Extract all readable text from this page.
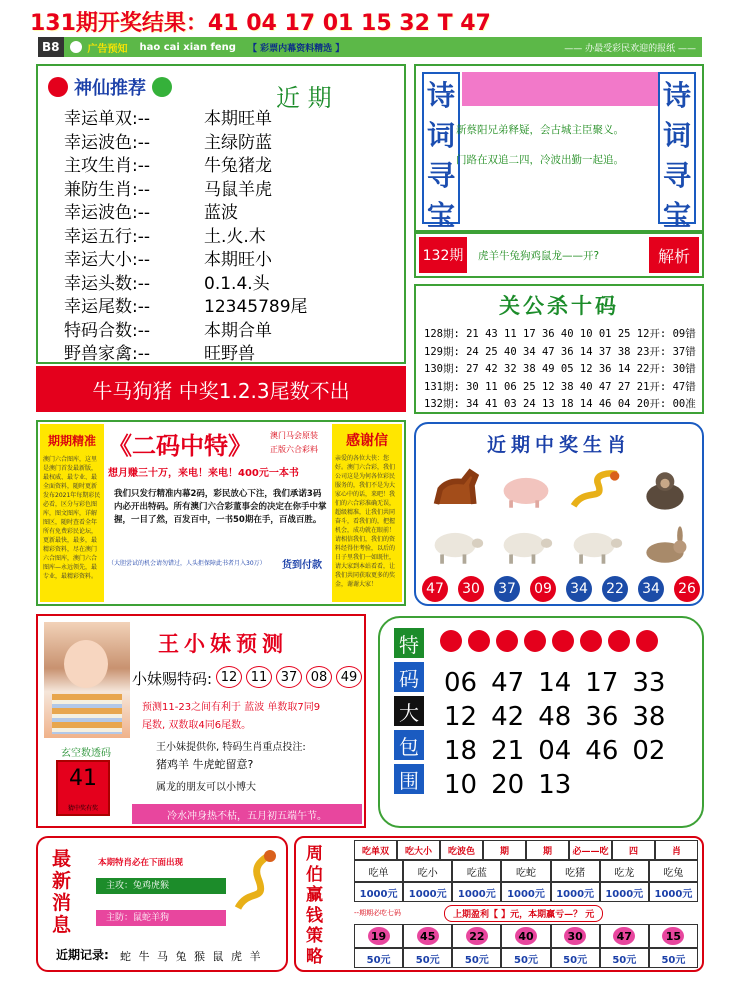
131期开奖结果：41 04 17 01 15 32 T 47
B8	广告预知 hao cai xian feng 【 彩票内幕资料精选 】	—— 办最受彩民欢迎的报纸 ——
神仙推荐	近 期
幸运单双:--	本期旺单
幸运波色:--	主绿防蓝
主攻生肖:--	牛兔猪龙
兼防生肖:--	马鼠羊虎
幸运波色:--	蓝波
幸运五行:--	土.火.木
幸运大小:--	本期旺小
幸运头数:--	0.1.4.头
幸运尾数:--	12345789尾
特码合数:--	本期合单
野兽家禽:--	旺野兽
牛马狗猪 中奖1.2.3尾数不出
诗
词
寻
宝
新蔡阳兄弟释疑，会古城主臣聚义。
门路在双追二四，冷波出勤一起追。
诗
词
寻
宝
132期	虎羊牛兔狗鸡鼠龙——开?	解析
关公杀十码
128期: 21 43 11 17 36 40 10 01 25 12开: 09错
129期: 24 25 40 34 47 36 14 37 38 23开: 37错
130期: 27 42 32 38 49 05 12 36 14 22开: 30错
131期: 30 11 06 25 12 38 40 47 27 21开: 47错
132期: 34 41 03 24 13 18 14 46 04 20开: 00准
期期精准
澳门六合图库，这里是澳门首发最新版，最权威、最专业、最全面资料，随时更新发布2021年每期彩民必看，区分与彩色图库，图文图库，详解图区，随时查看全年所有免费彩民论坛，更新最快，最多，最精彩资料，尽在澳门六合图库，澳门六合图库—永远领先，最专业，最精彩资料。
《二码中特》 澳门马会原装
正版六合彩料
想月赚三十万，来电！来电！400元一本书
我们只发行精准内幕2码，彩民放心下注，我们承诺3码内必开出特码。所有澳门六合彩董事会的决定在你手中掌握，一目了然，百发百中，一书50期在手，百战百胜。
（大胆尝试的机会请勿错过，人头拒保障此书者月入30万）	货到付款
感谢信
亲爱的各位大侠：您好。澳门六合彩，我们公司这是为何各位彩民服务的，我们不是为大家心中的话，来吧！我们的六合彩准确无误，超级精准，让我们共同奋斗，看我们的，把握机会，成功就在眼前！请相信我们，我们的资料经得住考验，以后的日子里我们一如既往，请大家到本站看看，让我们共同获取更多的奖金，谢谢大家！
近期中奖生肖
47 30 37 09 34 22 34 26
王小妹预测
小妹赐特码: 12	11	37	08	49
预测11-23之间有利于 蓝波 单数取7同9
尾数, 双数取4同6尾数。
王小妹提供你, 特码生肖重点投注:
猪鸡羊 牛虎蛇留意?
属龙的朋友可以小博大
玄空数透码
41
猜中奖有奖
冷水冲身热不枯，五月初五端午节。
特
码
大
包
围
06 47 14 17 33
12 42 48 36 38
18 21 04 46 02
10 20 13
最
新
消
息
本期特肖必在下面出现
主攻：兔鸡虎猴
主防：鼠蛇羊狗
近期记录: 蛇 牛 马 兔 猴 鼠 虎 羊
周
伯
赢
钱
策
略
吃单双	吃大小	吃波色	期	期	必——吃	四	肖
吃单	吃小	吃蓝	吃蛇	吃猪	吃龙	吃兔
1000元	1000元	1000元	1000元	1000元	1000元	1000元
--期期必吃七码	上期盈利【 】元，本期赢亏—？ 元
19	45	22	40	30	47	15
50元	50元	50元	50元	50元	50元	50元
